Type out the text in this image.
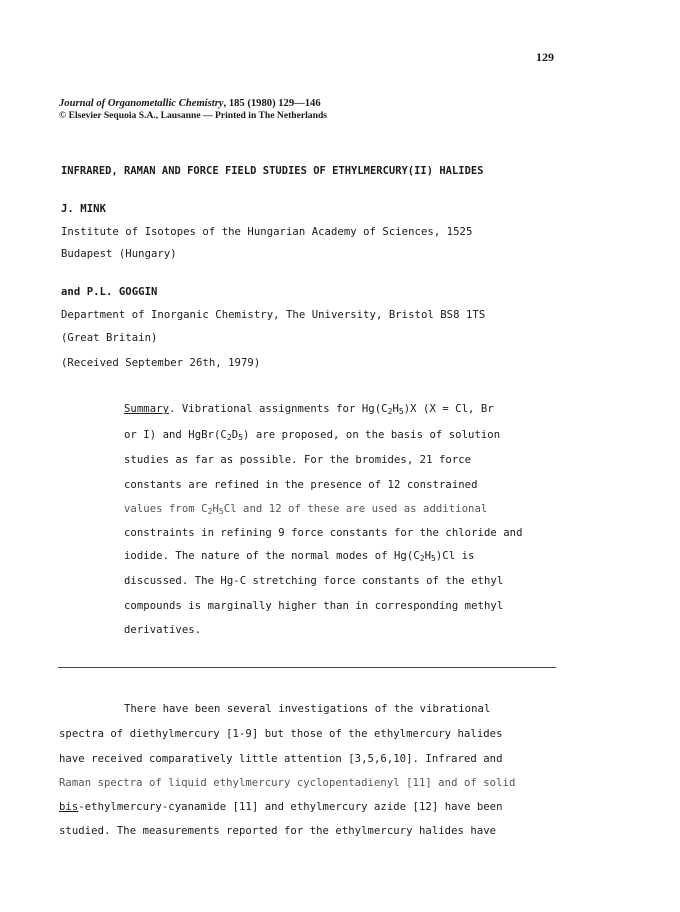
129
Journal of Organometallic Chemistry, 185 (1980) 129—146
© Elsevier Sequoia S.A., Lausanne — Printed in The Netherlands
INFRARED, RAMAN AND FORCE FIELD STUDIES OF ETHYLMERCURY(II) HALIDES
J. MINK
Institute of Isotopes of the Hungarian Academy of Sciences, 1525
Budapest (Hungary)
and P.L. GOGGIN
Department of Inorganic Chemistry, The University, Bristol BS8 1TS
(Great Britain)
(Received September 26th, 1979)
Summary. Vibrational assignments for $Hg(C_2H_5)X$ (X = Cl, Br
or I) and $HgBr(C_2D_5)$ are proposed, on the basis of solution
studies as far as possible. For the bromides, 21 force
constants are refined in the presence of 12 constrained
values from $C_2H_5Cl$ and 12 of these are used as additional
constraints in refining 9 force constants for the chloride and
iodide. The nature of the normal modes of $Hg(C_2H_5)Cl$ is
discussed. The Hg-C stretching force constants of the ethyl
compounds is marginally higher than in corresponding methyl
derivatives.
There have been several investigations of the vibrational
spectra of diethylmercury [1-9] but those of the ethylmercury halides
have received comparatively little attention [3,5,6,10]. Infrared and
Raman spectra of liquid ethylmercury cyclopentadienyl [11] and of solid
bis-ethylmercury-cyanamide [11] and ethylmercury azide [12] have been
studied. The measurements reported for the ethylmercury halides have
